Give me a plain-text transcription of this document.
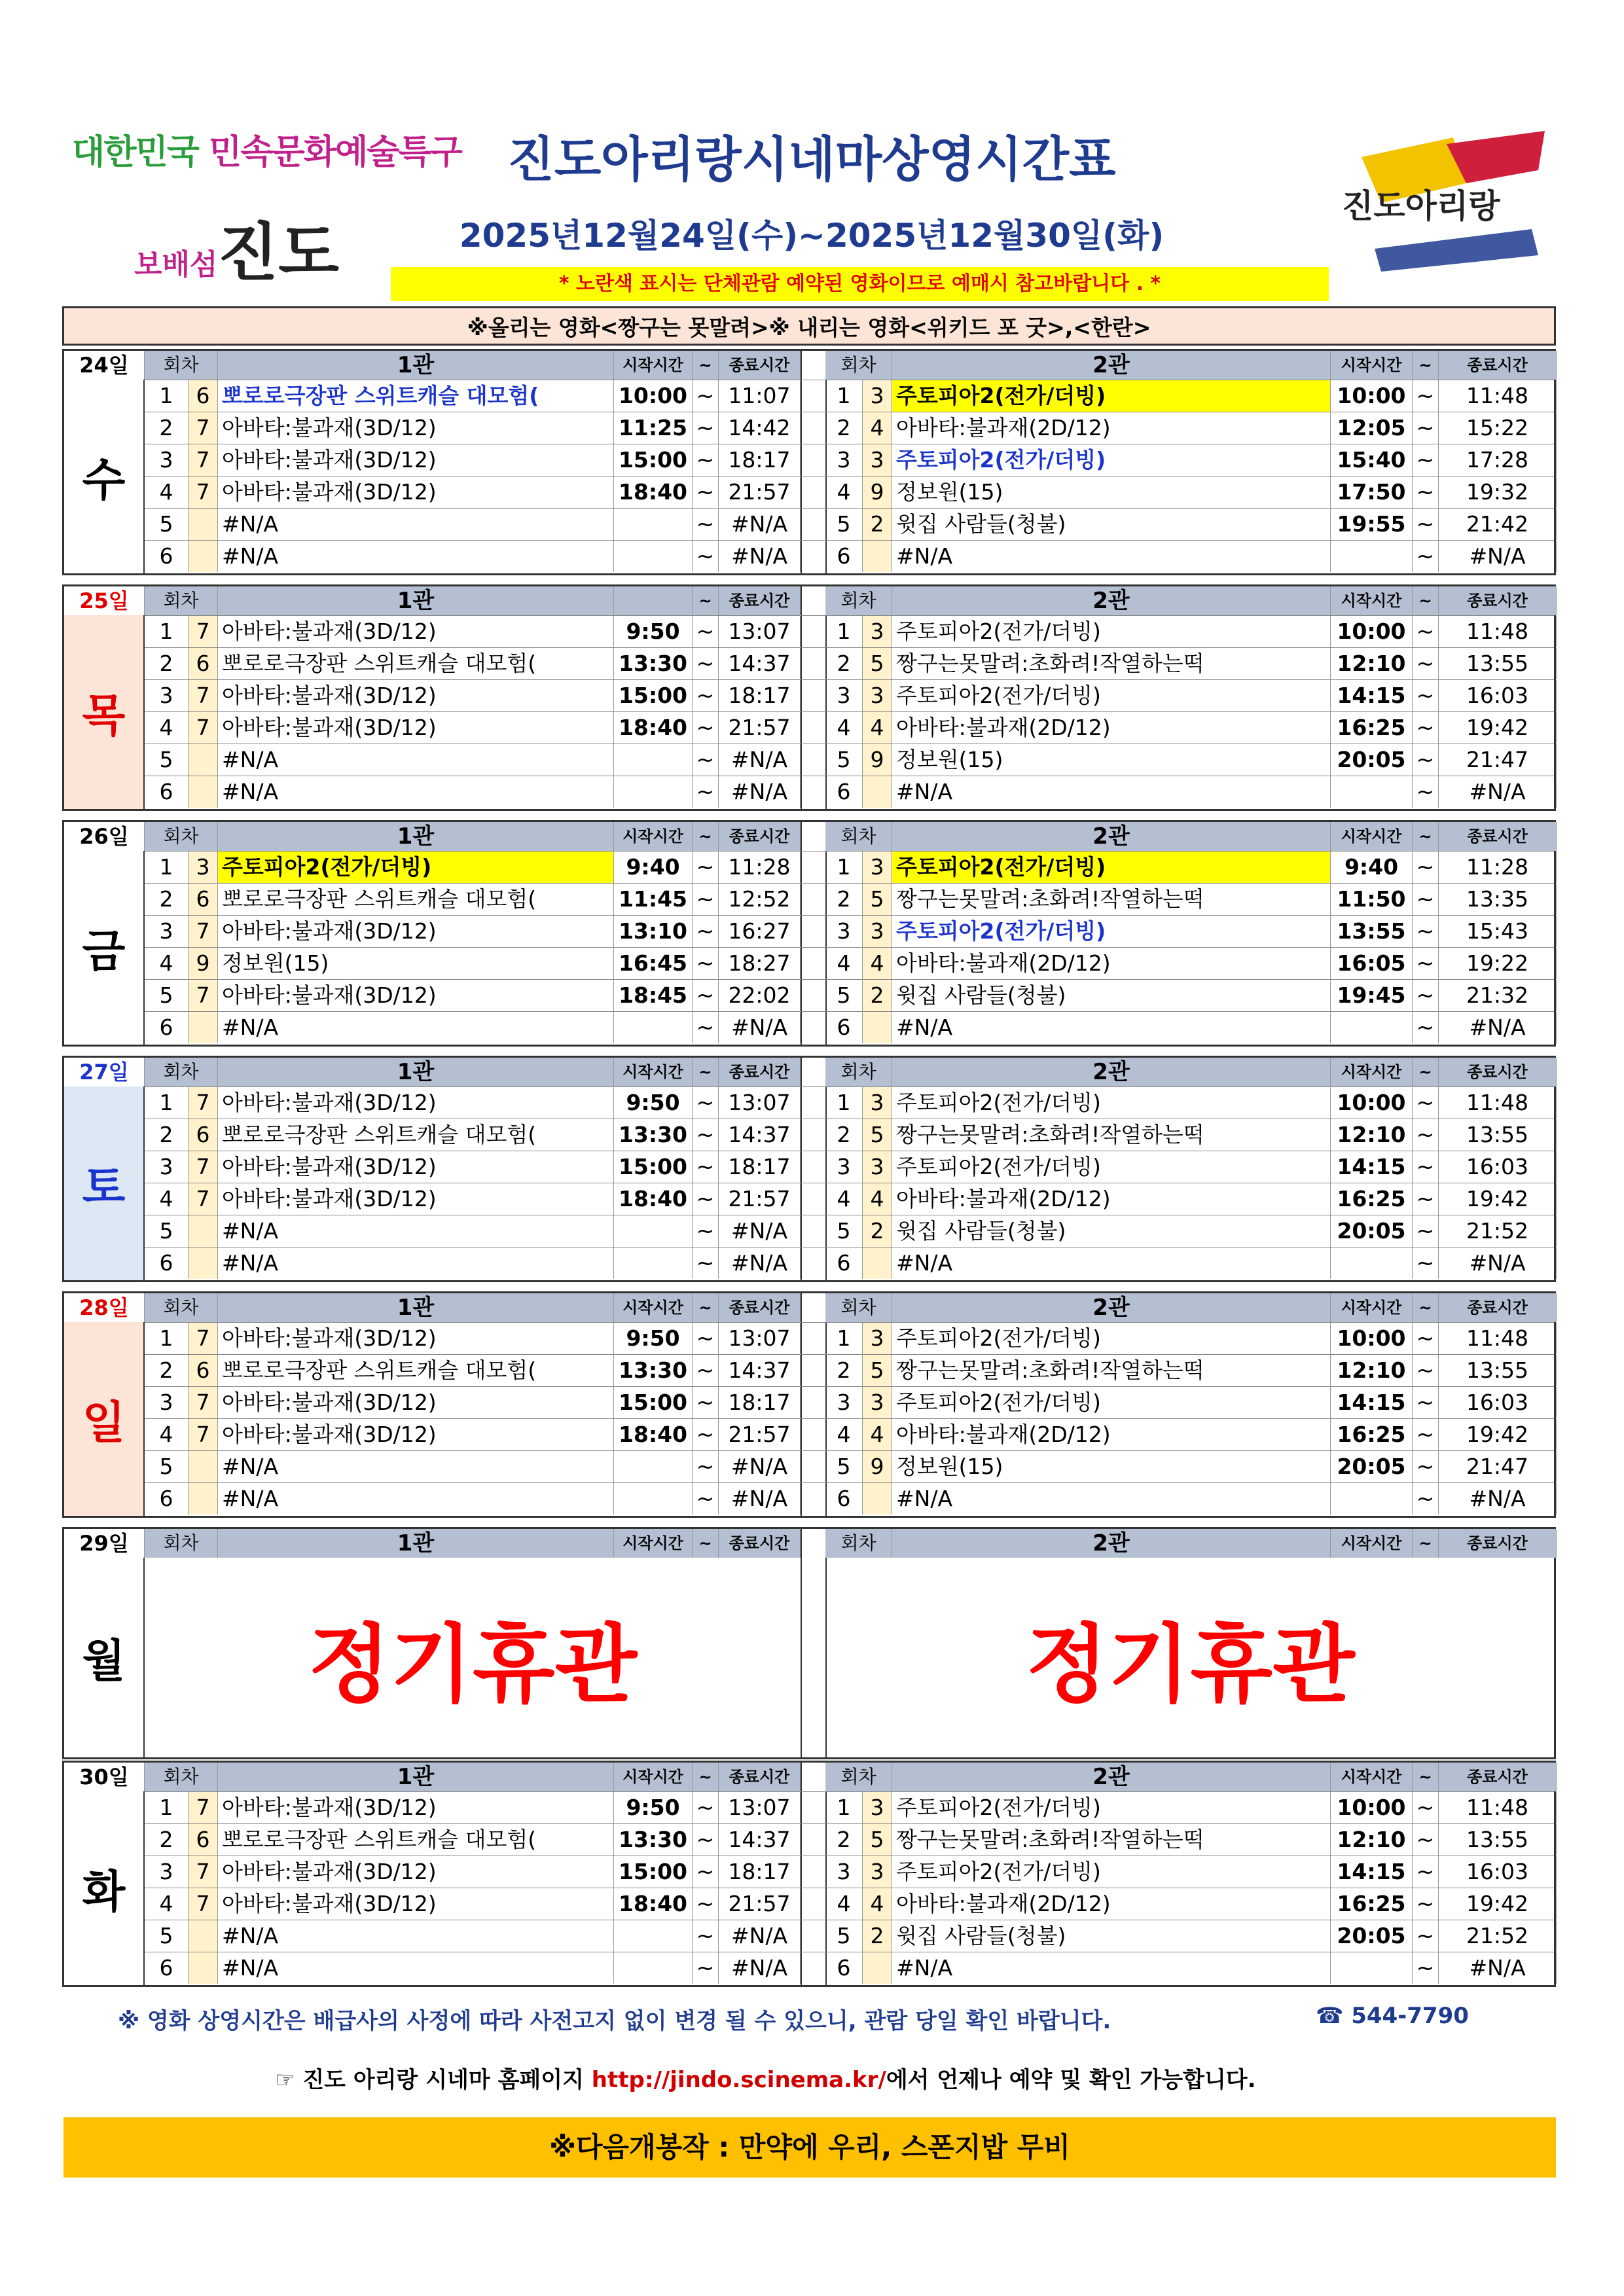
대한민국 민속문화예술특구
보배섬진도
진도아리랑시네마상영시간표
2025년12월24일(수)~2025년12월30일(화)
* 노란색 표시는 단체관람 예약된 영화이므로 예매시 참고바랍니다 . *
진도아리랑
※올리는 영화<짱구는 못말려>※ 내리는 영화<위키드 포 굿>,<한란>
24일	회차	1관	시작시간 ~	종료시간	회차	2관	시작시간	~	종료시간
수
1	6 뽀로로극장판 스위트캐슬 대모험(	10:00 ~ 11:07	1 3 주토피아2(전가/더빙)	10:00 ~	11:48
2	7 아바타:불과재(3D/12)	11:25 ~ 14:42	2 4 아바타:불과재(2D/12)	12:05 ~	15:22
3	7 아바타:불과재(3D/12)	15:00 ~ 18:17	3 3 주토피아2(전가/더빙)	15:40 ~	17:28
4	7 아바타:불과재(3D/12)	18:40 ~ 21:57	4 9 정보원(15)	17:50 ~	19:32
5	#N/A	~ #N/A	5 2 윗집 사람들(청불)	19:55 ~	21:42
6	#N/A	~ #N/A	6	#N/A	~	#N/A
25일	회차	1관	~	종료시간	회차	2관	시작시간	~	종료시간
목
1	7 아바타:불과재(3D/12)	9:50 ~ 13:07	1 3 주토피아2(전가/더빙)	10:00 ~	11:48
2	6 뽀로로극장판 스위트캐슬 대모험(	13:30 ~ 14:37	2 5 짱구는못말려:초화려!작열하는떡	12:10 ~	13:55
3	7 아바타:불과재(3D/12)	15:00 ~ 18:17	3 3 주토피아2(전가/더빙)	14:15 ~	16:03
4	7 아바타:불과재(3D/12)	18:40 ~ 21:57	4 4 아바타:불과재(2D/12)	16:25 ~	19:42
5	#N/A	~ #N/A	5 9 정보원(15)	20:05 ~	21:47
6	#N/A	~ #N/A	6	#N/A	~	#N/A
26일	회차	1관	시작시간 ~	종료시간	회차	2관	시작시간	~	종료시간
금
1	3 주토피아2(전가/더빙)	9:40 ~ 11:28	1 3 주토피아2(전가/더빙)	9:40 ~	11:28
2	6 뽀로로극장판 스위트캐슬 대모험(	11:45 ~ 12:52	2 5 짱구는못말려:초화려!작열하는떡	11:50 ~	13:35
3	7 아바타:불과재(3D/12)	13:10 ~ 16:27	3 3 주토피아2(전가/더빙)	13:55 ~	15:43
4	9 정보원(15)	16:45 ~ 18:27	4 4 아바타:불과재(2D/12)	16:05 ~	19:22
5	7 아바타:불과재(3D/12)	18:45 ~ 22:02	5 2 윗집 사람들(청불)	19:45 ~	21:32
6	#N/A	~ #N/A	6	#N/A	~	#N/A
27일	회차	1관	시작시간 ~	종료시간	회차	2관	시작시간	~	종료시간
토
1	7 아바타:불과재(3D/12)	9:50 ~ 13:07	1 3 주토피아2(전가/더빙)	10:00 ~	11:48
2	6 뽀로로극장판 스위트캐슬 대모험(	13:30 ~ 14:37	2 5 짱구는못말려:초화려!작열하는떡	12:10 ~	13:55
3	7 아바타:불과재(3D/12)	15:00 ~ 18:17	3 3 주토피아2(전가/더빙)	14:15 ~	16:03
4	7 아바타:불과재(3D/12)	18:40 ~ 21:57	4 4 아바타:불과재(2D/12)	16:25 ~	19:42
5	#N/A	~ #N/A	5 2 윗집 사람들(청불)	20:05 ~	21:52
6	#N/A	~ #N/A	6	#N/A	~	#N/A
28일	회차	1관	시작시간 ~	종료시간	회차	2관	시작시간	~	종료시간
일
1	7 아바타:불과재(3D/12)	9:50 ~ 13:07	1 3 주토피아2(전가/더빙)	10:00 ~	11:48
2	6 뽀로로극장판 스위트캐슬 대모험(	13:30 ~ 14:37	2 5 짱구는못말려:초화려!작열하는떡	12:10 ~	13:55
3	7 아바타:불과재(3D/12)	15:00 ~ 18:17	3 3 주토피아2(전가/더빙)	14:15 ~	16:03
4	7 아바타:불과재(3D/12)	18:40 ~ 21:57	4 4 아바타:불과재(2D/12)	16:25 ~	19:42
5	#N/A	~ #N/A	5 9 정보원(15)	20:05 ~	21:47
6	#N/A	~ #N/A	6	#N/A	~	#N/A
30일	회차	1관	시작시간 ~	종료시간	회차	2관	시작시간	~	종료시간
화
1	7 아바타:불과재(3D/12)	9:50 ~ 13:07	1 3 주토피아2(전가/더빙)	10:00 ~	11:48
2	6 뽀로로극장판 스위트캐슬 대모험(	13:30 ~ 14:37	2 5 짱구는못말려:초화려!작열하는떡	12:10 ~	13:55
3	7 아바타:불과재(3D/12)	15:00 ~ 18:17	3 3 주토피아2(전가/더빙)	14:15 ~	16:03
4	7 아바타:불과재(3D/12)	18:40 ~ 21:57	4 4 아바타:불과재(2D/12)	16:25 ~	19:42
5	#N/A	~ #N/A	5 2 윗집 사람들(청불)	20:05 ~	21:52
6	#N/A	~ #N/A	6	#N/A	~	#N/A
29일	회차	1관	시작시간 ~	종료시간	회차	2관	시작시간	~	종료시간
월	정기휴관	정기휴관
※ 영화 상영시간은 배급사의 사정에 따라 사전고지 없이 변경 될 수 있으니, 관람 당일 확인 바랍니다.	☎ 544-7790
☞ 진도 아리랑 시네마 홈페이지 http://jindo.scinema.kr/에서 언제나 예약 및 확인 가능합니다.
※다음개봉작 : 만약에 우리, 스폰지밥 무비
